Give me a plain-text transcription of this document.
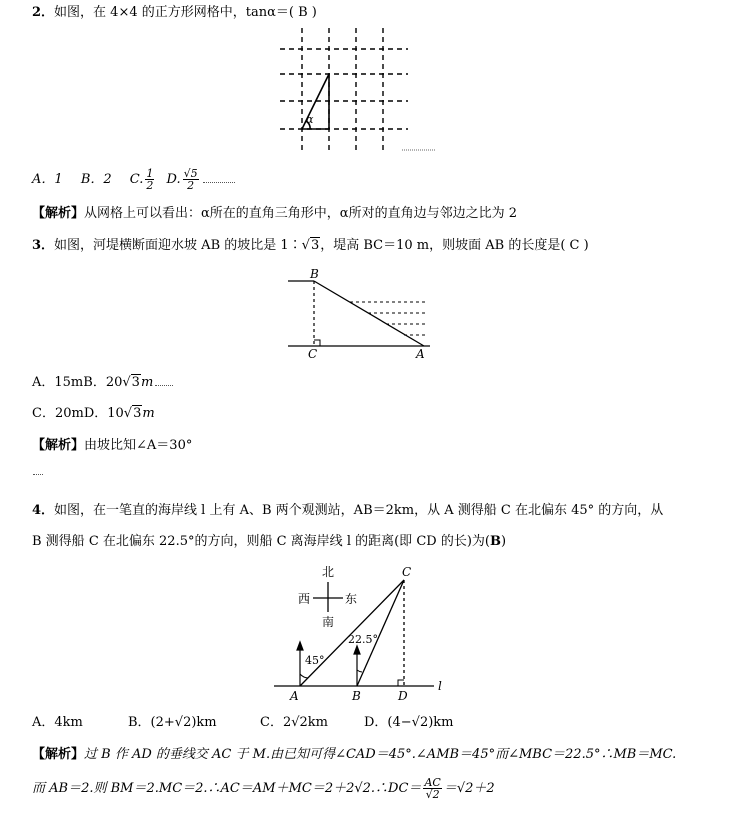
2．如图，在 4×4 的正方形网格中，tanα＝( B )
α
A．1 B．2 C. $\frac{1}{2} D$. $\frac{√5}{2}$
【解析】从网格上可以看出：α所在的直角三角形中，α所对的直角边与邻边之比为 2
3．如图，河堤横断面迎水坡 AB 的坡比是 1∶√3，堤高 BC＝10 m，则坡面 AB 的长度是( C )
B
C	A
A．15mB．20√3m
C．20mD．10√3m
【解析】由坡比知∠A＝30°
4．如图，在一笔直的海岸线 l 上有 A、B 两个观测站，AB＝2km，从 A 测得船 C 在北偏东 45° 的方向，从
B 测得船 C 在北偏东 22.5°的方向，则船 C 离海岸线 l 的距离(即 CD 的长)为(B)
北
南
西	东
45°
22.5°
A	B
C
D
l
A．4km	B．(2+√2)km	C．2√2km	D．(4−√2)km
【解析】过 B 作 AD 的垂线交 AC 于 M.由已知可得∠CAD＝45°.∠AMB＝45°而∠MBC＝22.5°∴MB＝MC.
而 AB＝2.则 BM＝2.MC＝2.∴AC＝AM＋MC＝2＋2√2.∴DC＝ $\frac{AC}{√2} =√2+2$
